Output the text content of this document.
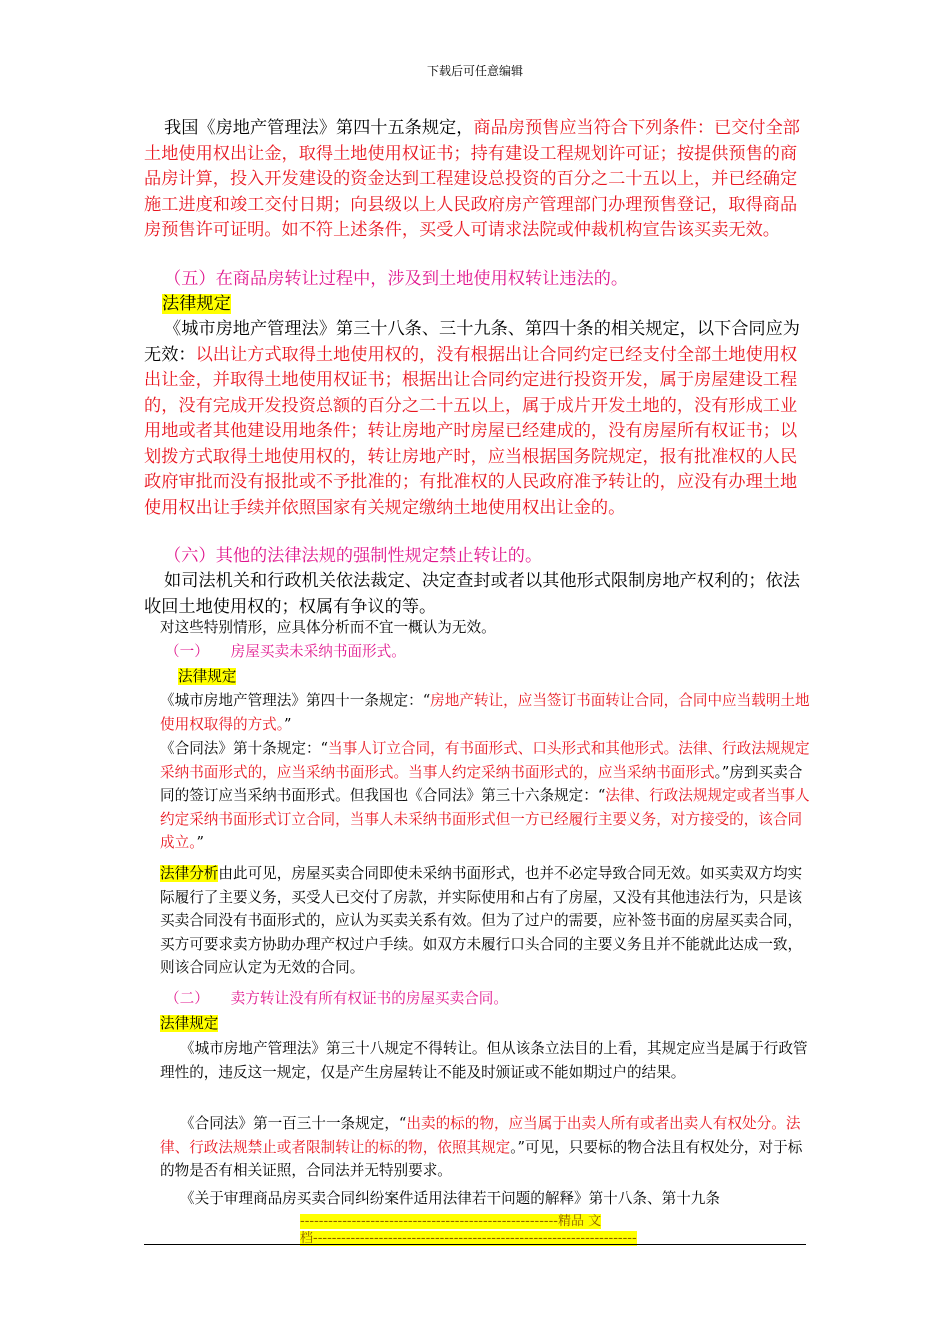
下载后可任意编辑
我国《房地产管理法》第四十五条规定，商品房预售应当符合下列条件：已交付全部土地使用权出让金，取得土地使用权证书；持有建设工程规划许可证；按提供预售的商品房计算，投入开发建设的资金达到工程建设总投资的百分之二十五以上，并已经确定施工进度和竣工交付日期；向县级以上人民政府房产管理部门办理预售登记，取得商品房预售许可证明。如不符上述条件，买受人可请求法院或仲裁机构宣告该买卖无效。
（五）在商品房转让过程中，涉及到土地使用权转让违法的。
法律规定
《城市房地产管理法》第三十八条、三十九条、第四十条的相关规定，以下合同应为无效：以出让方式取得土地使用权的，没有根据出让合同约定已经支付全部土地使用权出让金，并取得土地使用权证书；根据出让合同约定进行投资开发，属于房屋建设工程的，没有完成开发投资总额的百分之二十五以上，属于成片开发土地的，没有形成工业用地或者其他建设用地条件；转让房地产时房屋已经建成的，没有房屋所有权证书；以划拨方式取得土地使用权的，转让房地产时，应当根据国务院规定，报有批准权的人民政府审批而没有报批或不予批准的；有批准权的人民政府准予转让的，应没有办理土地使用权出让手续并依照国家有关规定缴纳土地使用权出让金的。
（六）其他的法律法规的强制性规定禁止转让的。
如司法机关和行政机关依法裁定、决定查封或者以其他形式限制房地产权利的；依法收回土地使用权的；权属有争议的等。
对这些特别情形，应具体分析而不宜一概认为无效。
（一）　　房屋买卖未采纳书面形式。
法律规定
《城市房地产管理法》第四十一条规定：“房地产转让，应当签订书面转让合同，合同中应当载明土地使用权取得的方式。”
《合同法》第十条规定：“当事人订立合同，有书面形式、口头形式和其他形式。法律、行政法规规定采纳书面形式的，应当采纳书面形式。当事人约定采纳书面形式的，应当采纳书面形式。”房到买卖合同的签订应当采纳书面形式。但我国也《合同法》第三十六条规定：“法律、行政法规规定或者当事人约定采纳书面形式订立合同，当事人未采纳书面形式但一方已经履行主要义务，对方接受的，该合同成立。”
法律分析由此可见，房屋买卖合同即使未采纳书面形式，也并不必定导致合同无效。如买卖双方均实际履行了主要义务，买受人已交付了房款，并实际使用和占有了房屋，又没有其他违法行为，只是该买卖合同没有书面形式的，应认为买卖关系有效。但为了过户的需要，应补签书面的房屋买卖合同，买方可要求卖方协助办理产权过户手续。如双方未履行口头合同的主要义务且并不能就此达成一致，则该合同应认定为无效的合同。
（二）　　卖方转让没有所有权证书的房屋买卖合同。
法律规定
《城市房地产管理法》第三十八规定不得转让。但从该条立法目的上看，其规定应当是属于行政管理性的，违反这一规定，仅是产生房屋转让不能及时颁证或不能如期过户的结果。
《合同法》第一百三十一条规定，“出卖的标的物，应当属于出卖人所有或者出卖人有权处分。法律、行政法规禁止或者限制转让的标的物，依照其规定。”可见，只要标的物合法且有权处分，对于标的物是否有相关证照，合同法并无特别要求。
《关于审理商品房买卖合同纠纷案件适用法律若干问题的解释》第十八条、第十九条
-------------------------------------------------------精品 文
档---------------------------------------------------------------------
